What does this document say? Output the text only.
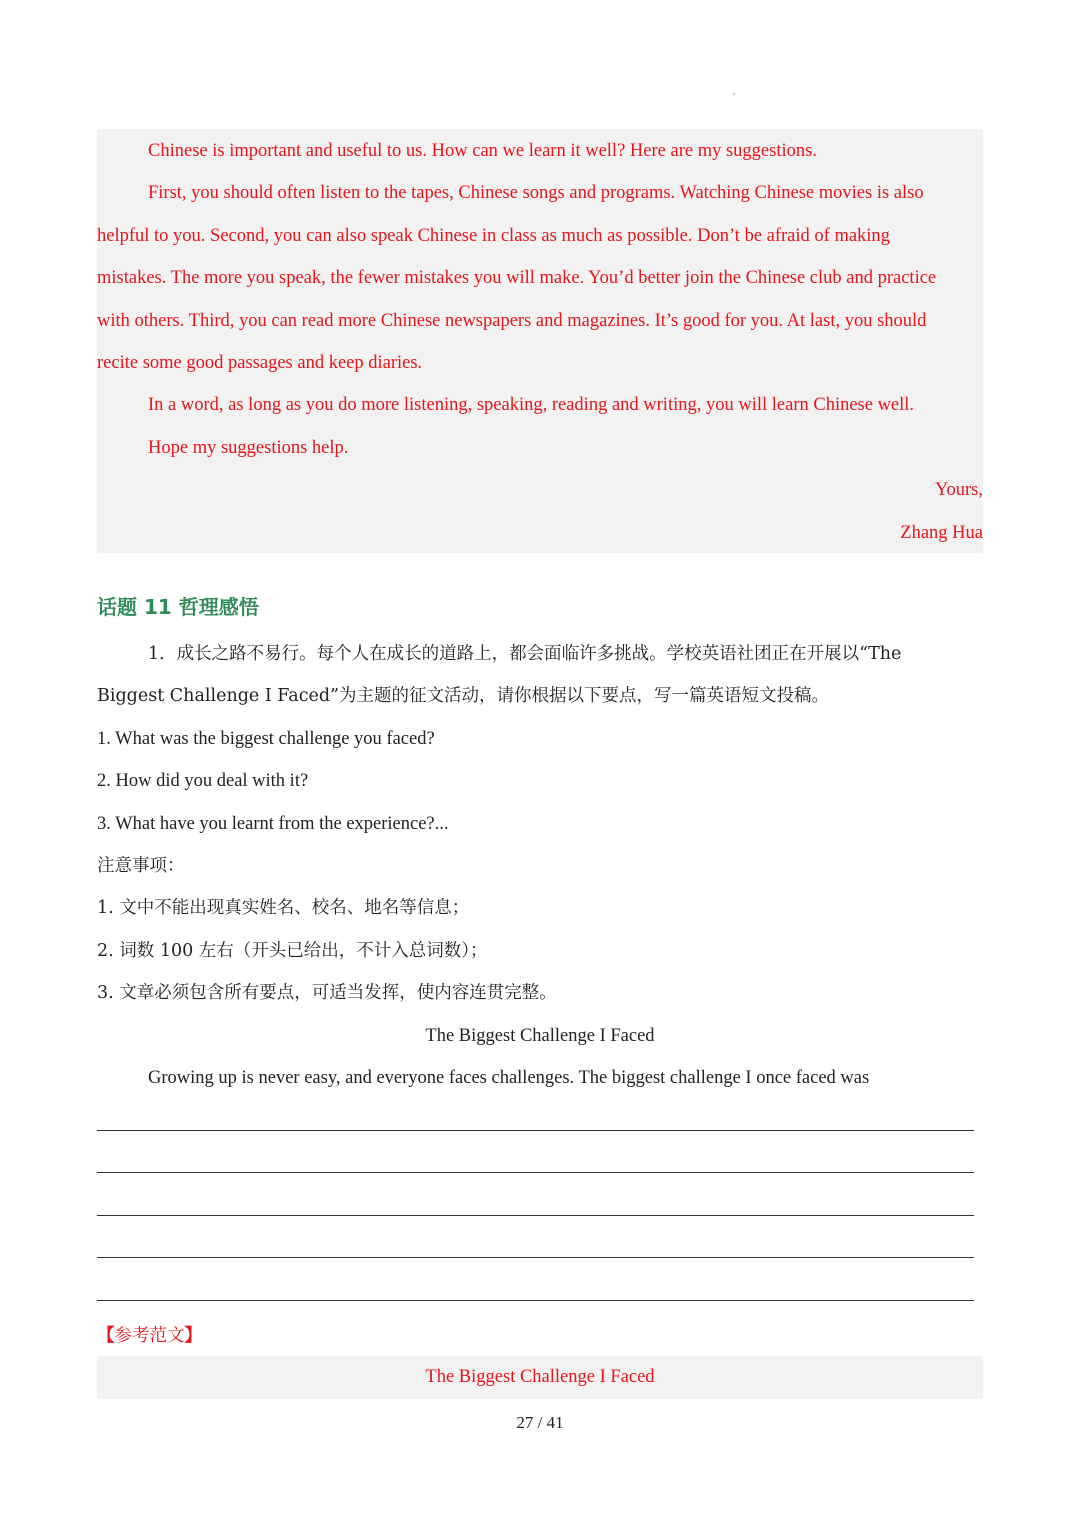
,
Chinese is important and useful to us. How can we learn it well? Here are my suggestions.
First, you should often listen to the tapes, Chinese songs and programs. Watching Chinese movies is also
helpful to you. Second, you can also speak Chinese in class as much as possible. Don’t be afraid of making
mistakes. The more you speak, the fewer mistakes you will make. You’d better join the Chinese club and practice
with others. Third, you can read more Chinese newspapers and magazines. It’s good for you. At last, you should
recite some good passages and keep diaries.
In a word, as long as you do more listening, speaking, reading and writing, you will learn Chinese well.
Hope my suggestions help.
Yours,
Zhang Hua
话题 11 哲理感悟
1．成长之路不易行。每个人在成长的道路上，都会面临许多挑战。学校英语社团正在开展以“The
Biggest Challenge I Faced”为主题的征文活动，请你根据以下要点，写一篇英语短文投稿。
1. What was the biggest challenge you faced?
2. How did you deal with it?
3. What have you learnt from the experience?...
注意事项：
1. 文中不能出现真实姓名、校名、地名等信息；
2. 词数 100 左右（开头已给出，不计入总词数）；
3. 文章必须包含所有要点，可适当发挥，使内容连贯完整。
The Biggest Challenge I Faced
Growing up is never easy, and everyone faces challenges. The biggest challenge I once faced was
【参考范文】
The Biggest Challenge I Faced
27 / 41
